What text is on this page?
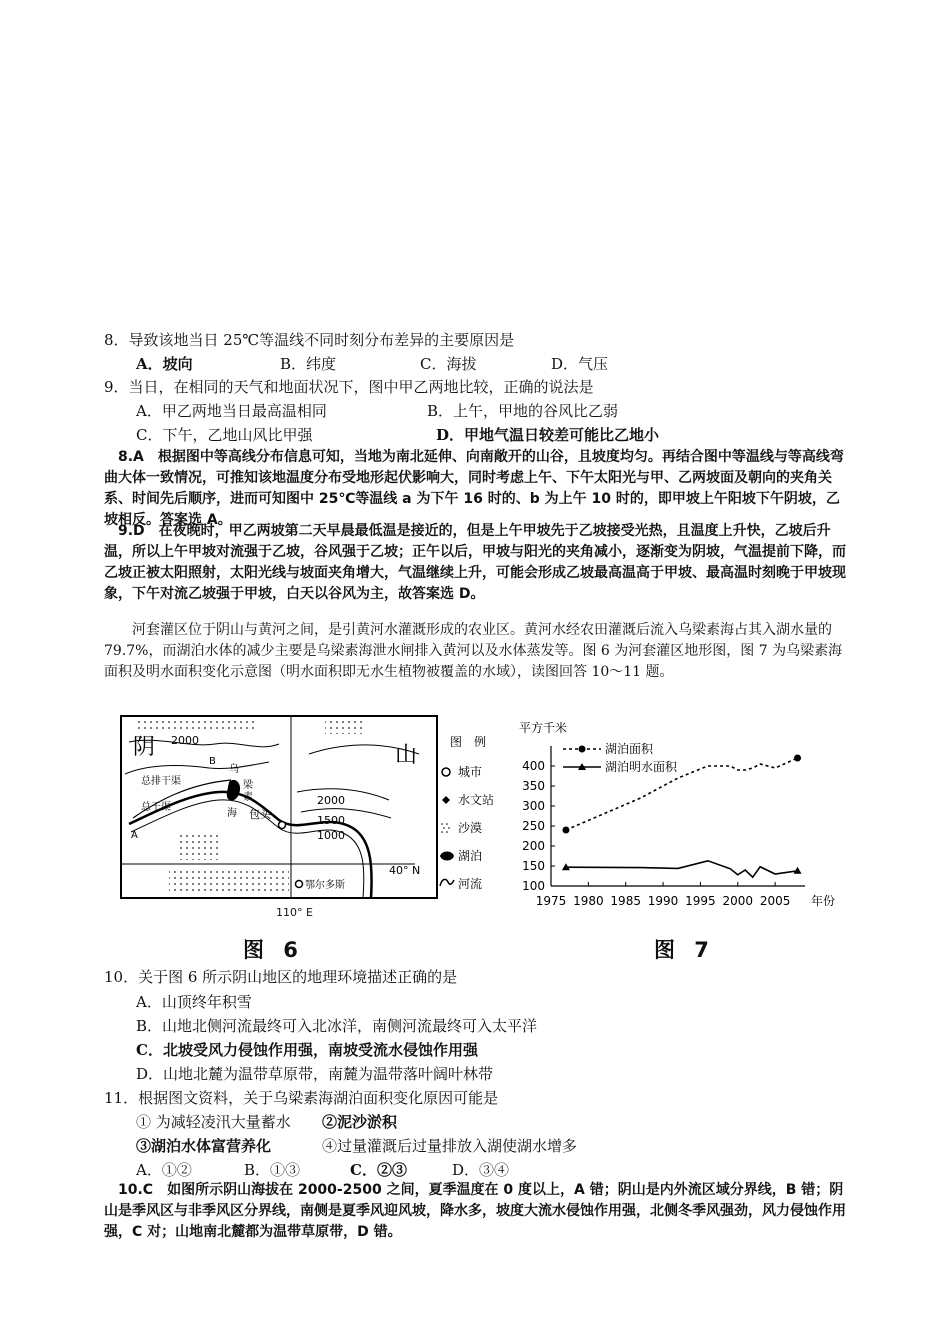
8．导致该地当日 25℃等温线不同时刻分布差异的主要原因是
A．坡向	B．纬度	C．海拔	D．气压
9．当日，在相同的天气和地面状况下，图中甲乙两地比较，正确的说法是
A．甲乙两地当日最高温相同	B．上午，甲地的谷风比乙弱
C．下午，乙地山风比甲强	D．甲地气温日较差可能比乙地小
8.A　根据图中等高线分布信息可知，当地为南北延伸、向南敞开的山谷，且坡度均匀。再结合图中等温线与等高线弯曲大体一致情况，可推知该地温度分布受地形起伏影响大，同时考虑上午、下午太阳光与甲、乙两坡面及朝向的夹角关系、时间先后顺序，进而可知图中 25℃等温线 a 为下午 16 时的、b 为上午 10 时的，即甲坡上午阳坡下午阴坡，乙坡相反。答案选 A。
9.D　在夜晚时，甲乙两坡第二天早晨最低温是接近的，但是上午甲坡先于乙坡接受光热，且温度上升快，乙坡后升温，所以上午甲坡对流强于乙坡，谷风强于乙坡；正午以后，甲坡与阳光的夹角减小，逐渐变为阴坡，气温提前下降，而乙坡正被太阳照射，太阳光线与坡面夹角增大，气温继续上升，可能会形成乙坡最高温高于甲坡、最高温时刻晚于甲坡现象，下午对流乙坡强于甲坡，白天以谷风为主，故答案选 D。
河套灌区位于阴山与黄河之间，是引黄河水灌溉形成的农业区。黄河水经农田灌溉后流入乌梁素海占其入湖水量的 79.7%，而湖泊水体的减少主要是乌梁素海泄水闸排入黄河以及水体蒸发等。图 6 为河套灌区地形图，图 7 为乌梁素海面积及明水面积变化示意图（明水面积即无水生植物被覆盖的水域），读图回答 10～11 题。
阴	山
2000
2000
1500
1000
总排干渠
B
A
总干渠
乌
梁
素
海 包头
鄂尔多斯
40° N
110° E
图　例
城市
水文站
沙漠
湖泊
河流
平方千米
年份
100
150
200
250
300
350
400
1975 1980 1985 1990 1995 2000 2005
湖泊面积
湖泊明水面积
图 6	图 7
10．关于图 6 所示阴山地区的地理环境描述正确的是
A．山顶终年积雪
B．山地北侧河流最终可入北冰洋，南侧河流最终可入太平洋
C．北坡受风力侵蚀作用强，南坡受流水侵蚀作用强
D．山地北麓为温带草原带，南麓为温带落叶阔叶林带
11．根据图文资料，关于乌梁素海湖泊面积变化原因可能是
① 为减轻凌汛大量蓄水 ②泥沙淤积
③湖泊水体富营养化	④过量灌溉后过量排放入湖使湖水增多
A．①②	B．①③	C．②③	D．③④
10.C　如图所示阴山海拔在 2000-2500 之间，夏季温度在 0 度以上，A 错；阴山是内外流区域分界线，B 错；阴山是季风区与非季风区分界线，南侧是夏季风迎风坡，降水多，坡度大流水侵蚀作用强，北侧冬季风强劲，风力侵蚀作用强，C 对；山地南北麓都为温带草原带，D 错。
